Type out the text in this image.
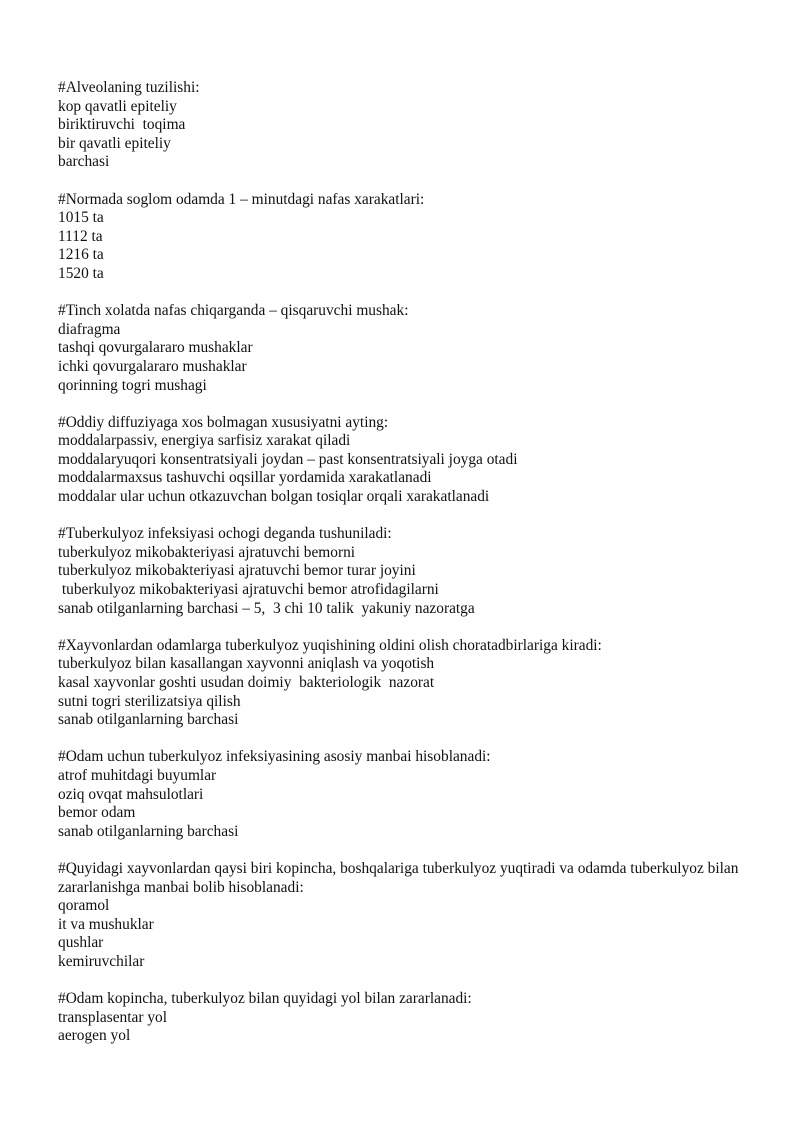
#Alveolaning tuzilishi:
kop qavatli epiteliy
biriktiruvchi  toqima
bir qavatli epiteliy
barchasi
#Normada soglom odamda 1 – minutdagi nafas xarakatlari:
1015 ta
1112 ta
1216 ta
1520 ta
#Tinch xolatda nafas chiqarganda – qisqaruvchi mushak:
diafragma
tashqi qovurgalararo mushaklar
ichki qovurgalararo mushaklar
qorinning togri mushagi
#Oddiy diffuziyaga xos bolmagan xususiyatni ayting:
moddalarpassiv, energiya sarfisiz xarakat qiladi
moddalaryuqori konsentratsiyali joydan – past konsentratsiyali joyga otadi
moddalarmaxsus tashuvchi oqsillar yordamida xarakatlanadi
moddalar ular uchun otkazuvchan bolgan tosiqlar orqali xarakatlanadi
#Tuberkulyoz infeksiyasi ochogi deganda tushuniladi:
tuberkulyoz mikobakteriyasi ajratuvchi bemorni
tuberkulyoz mikobakteriyasi ajratuvchi bemor turar joyini
tuberkulyoz mikobakteriyasi ajratuvchi bemor atrofidagilarni
sanab otilganlarning barchasi – 5,  3 chi 10 talik  yakuniy nazoratga
#Xayvonlardan odamlarga tuberkulyoz yuqishining oldini olish choratadbirlariga kiradi:
tuberkulyoz bilan kasallangan xayvonni aniqlash va yoqotish
kasal xayvonlar goshti usudan doimiy  bakteriologik  nazorat
sutni togri sterilizatsiya qilish
sanab otilganlarning barchasi
#Odam uchun tuberkulyoz infeksiyasining asosiy manbai hisoblanadi:
atrof muhitdagi buyumlar
oziq ovqat mahsulotlari
bemor odam
sanab otilganlarning barchasi
#Quyidagi xayvonlardan qaysi biri kopincha, boshqalariga tuberkulyoz yuqtiradi va odamda tuberkulyoz bilan zararlanishga manbai bolib hisoblanadi:
qoramol
it va mushuklar
qushlar
kemiruvchilar
#Odam kopincha, tuberkulyoz bilan quyidagi yol bilan zararlanadi:
transplasentar yol
aerogen yol
